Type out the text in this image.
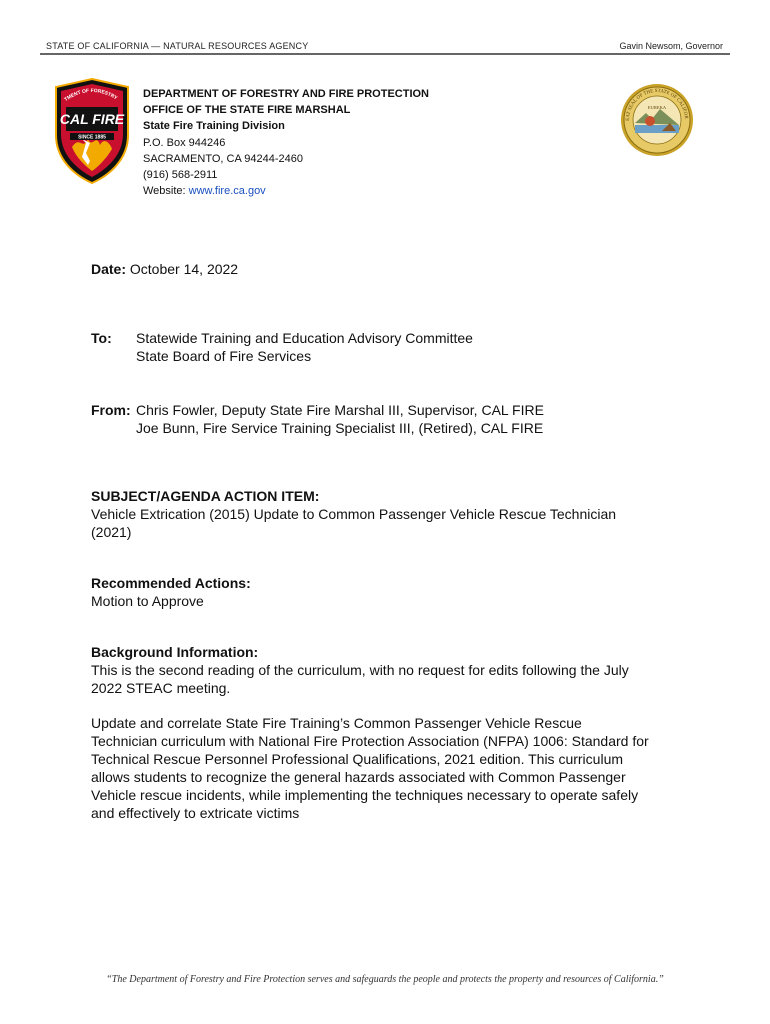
STATE OF CALIFORNIA — NATURAL RESOURCES AGENCY	Gavin Newsom, Governor
TMENT OF FORESTRY
CAL FIRE
SINCE 1885
EAT SEAL OF THE STATE OF CALIFOR
EUREKA
DEPARTMENT OF FORESTRY AND FIRE PROTECTION
OFFICE OF THE STATE FIRE MARSHAL
State Fire Training Division
P.O. Box 944246
SACRAMENTO, CA 94244-2460
(916) 568-2911
Website: www.fire.ca.gov
Date: October 14, 2022
To: Statewide Training and Education Advisory Committee
State Board of Fire Services
From: Chris Fowler, Deputy State Fire Marshal III, Supervisor, CAL FIRE
Joe Bunn, Fire Service Training Specialist III, (Retired), CAL FIRE
SUBJECT/AGENDA ACTION ITEM:
Vehicle Extrication (2015) Update to Common Passenger Vehicle Rescue Technician
(2021)
Recommended Actions:
Motion to Approve
Background Information:
This is the second reading of the curriculum, with no request for edits following the July
2022 STEAC meeting.
Update and correlate State Fire Training’s Common Passenger Vehicle Rescue
Technician curriculum with National Fire Protection Association (NFPA) 1006: Standard for
Technical Rescue Personnel Professional Qualifications, 2021 edition. This curriculum
allows students to recognize the general hazards associated with Common Passenger
Vehicle rescue incidents, while implementing the techniques necessary to operate safely
and effectively to extricate victims
“The Department of Forestry and Fire Protection serves and safeguards the people and protects the property and resources of California.”
